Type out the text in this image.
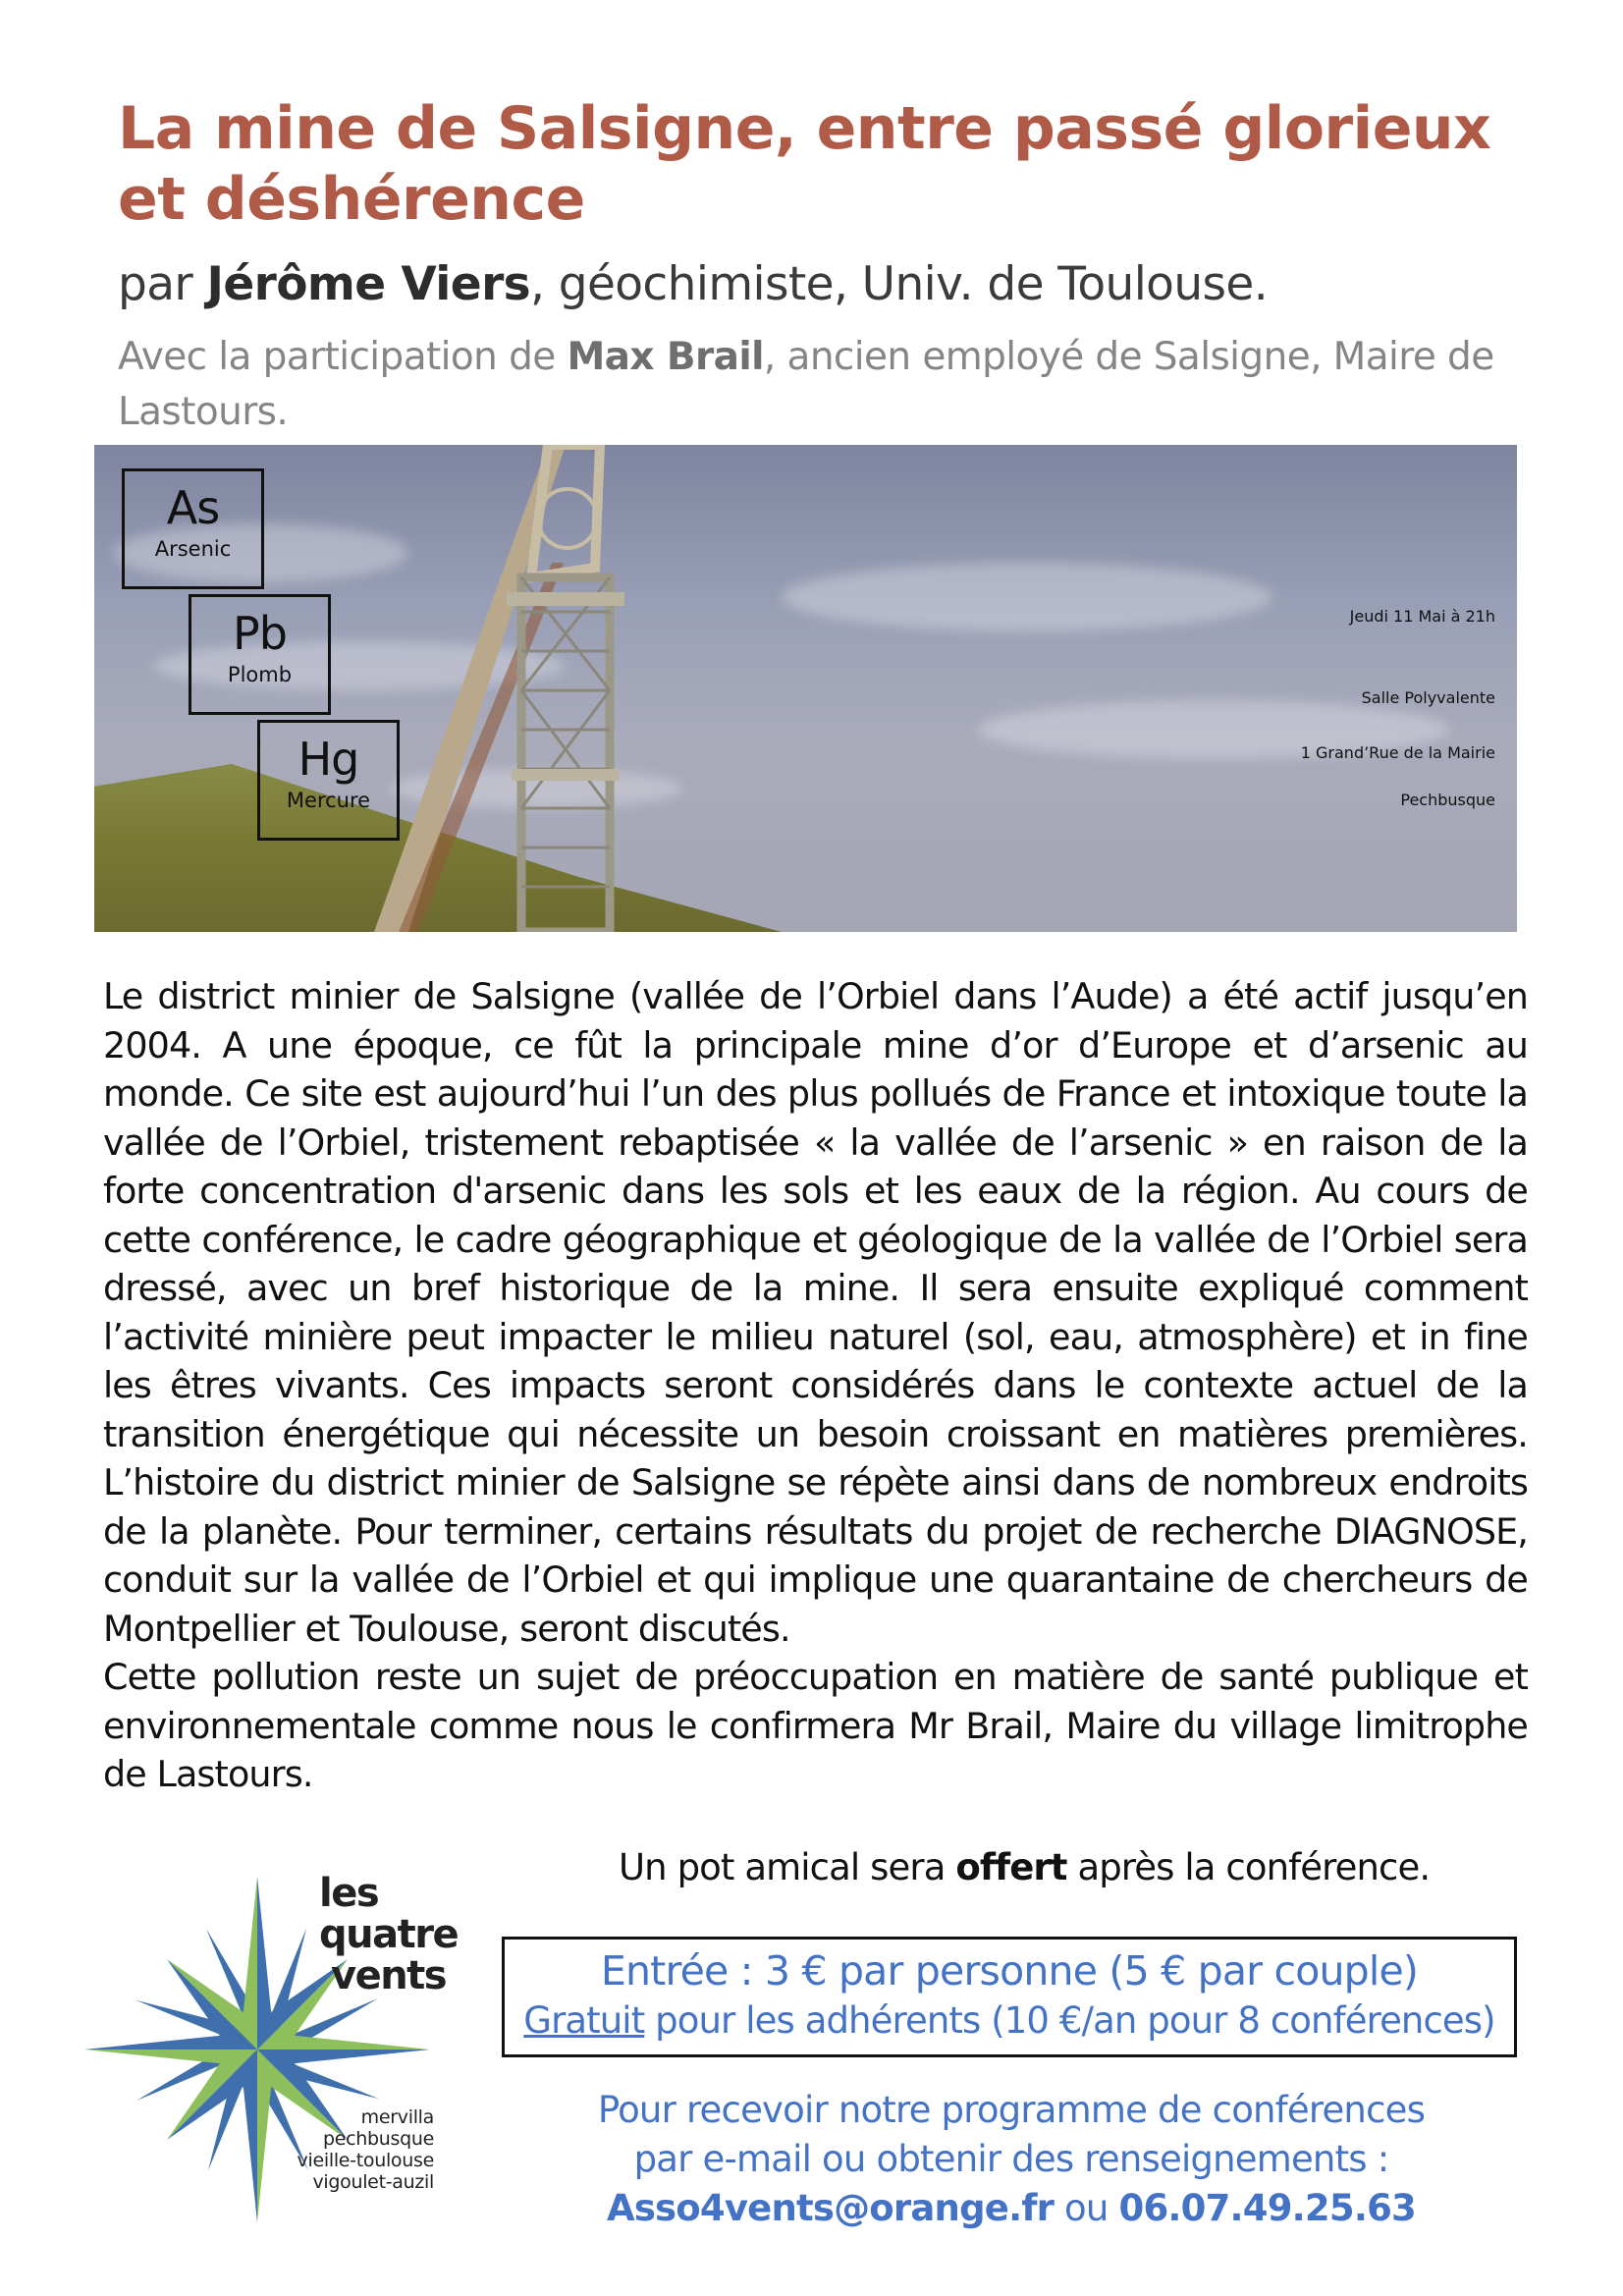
La mine de Salsigne, entre passé glorieux
et déshérence
par Jérôme Viers, géochimiste, Univ. de Toulouse.
Avec la participation de Max Brail, ancien employé de Salsigne, Maire de Lastours.
As
Arsenic
Pb
Plomb
Hg
Mercure
Jeudi 11 Mai à 21h
Salle Polyvalente
1 Grand’Rue de la Mairie
Pechbusque

Le district minier de Salsigne (vallée de l’Orbiel dans l’Aude) a été actif jusqu’en 2004. A une époque, ce fût la principale mine d’or d’Europe et d’arsenic au monde. Ce site est aujourd’hui l’un des plus pollués de France et intoxique toute la vallée de l’Orbiel, tristement rebaptisée « la vallée de l’arsenic » en raison de la forte concentration d'arsenic dans les sols et les eaux de la région. Au cours de cette conférence, le cadre géographique et géologique de la vallée de l’Orbiel sera dressé, avec un bref historique de la mine. Il sera ensuite expliqué comment l’activité minière peut impacter le milieu naturel (sol, eau, atmosphère) et in fine les êtres vivants. Ces impacts seront considérés dans le contexte actuel de la transition énergétique qui nécessite un besoin croissant en matières premières. L’histoire du district minier de Salsigne se répète ainsi dans de nombreux endroits de la planète. Pour terminer, certains résultats du projet de recherche DIAGNOSE, conduit sur la vallée de l’Orbiel et qui implique une quarantaine de chercheurs de Montpellier et Toulouse, seront discutés.

Cette pollution reste un sujet de préoccupation en matière de santé publique et environnementale comme nous le confirmera Mr Brail, Maire du village limitrophe de Lastours.

Un pot amical sera offert après la conférence.
les
quatre
vents
mervilla
pechbusque
vieille-toulouse
vigoulet-auzil
Entrée : 3 € par personne (5 € par couple)
Gratuit pour les adhérents (10 €/an pour 8 conférences)
Pour recevoir notre programme de conférences
par e-mail ou obtenir des renseignements :
Asso4vents@orange.fr ou 06.07.49.25.63
